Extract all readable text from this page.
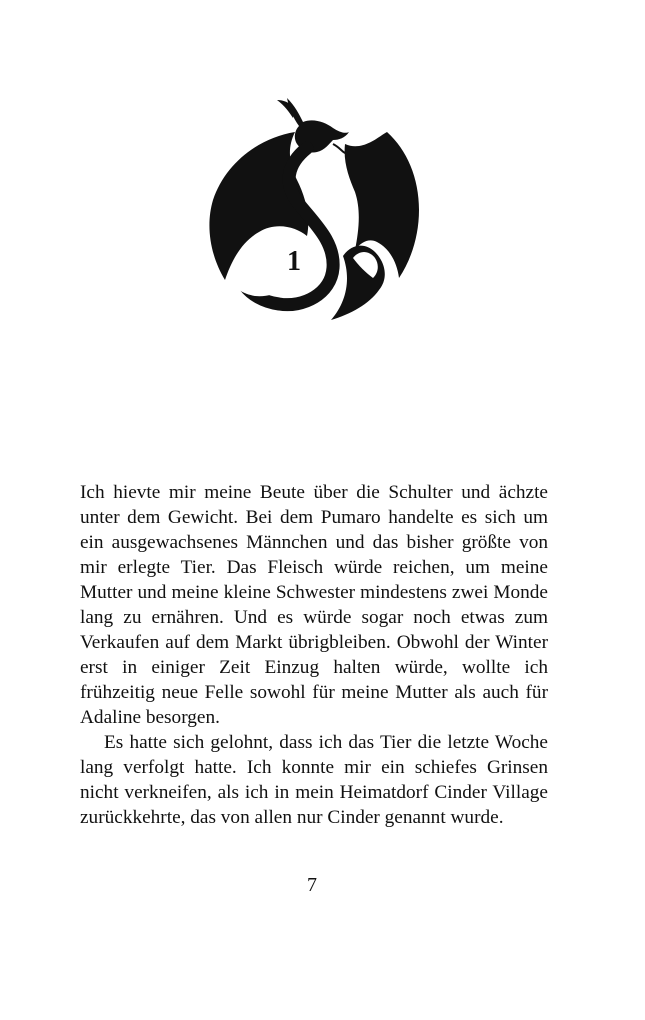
1

Ich hievte mir meine Beute über die Schulter und ächzte unter dem Gewicht. Bei dem Pumaro handelte es sich um ein ausgewachsenes Männchen und das bisher größte von mir erlegte Tier. Das Fleisch würde reichen, um meine Mutter und meine kleine Schwester mindestens zwei Monde lang zu ernähren. Und es würde sogar noch etwas zum Verkaufen auf dem Markt übrigbleiben. Obwohl der Winter erst in einiger Zeit Einzug halten würde, wollte ich frühzeitig neue Felle sowohl für meine Mutter als auch für Adaline besorgen.

Es hatte sich gelohnt, dass ich das Tier die letzte Woche lang verfolgt hatte. Ich konnte mir ein schiefes Grinsen nicht verkneifen, als ich in mein Heimatdorf Cinder Village zurückkehrte, das von allen nur Cinder genannt wurde.

7
